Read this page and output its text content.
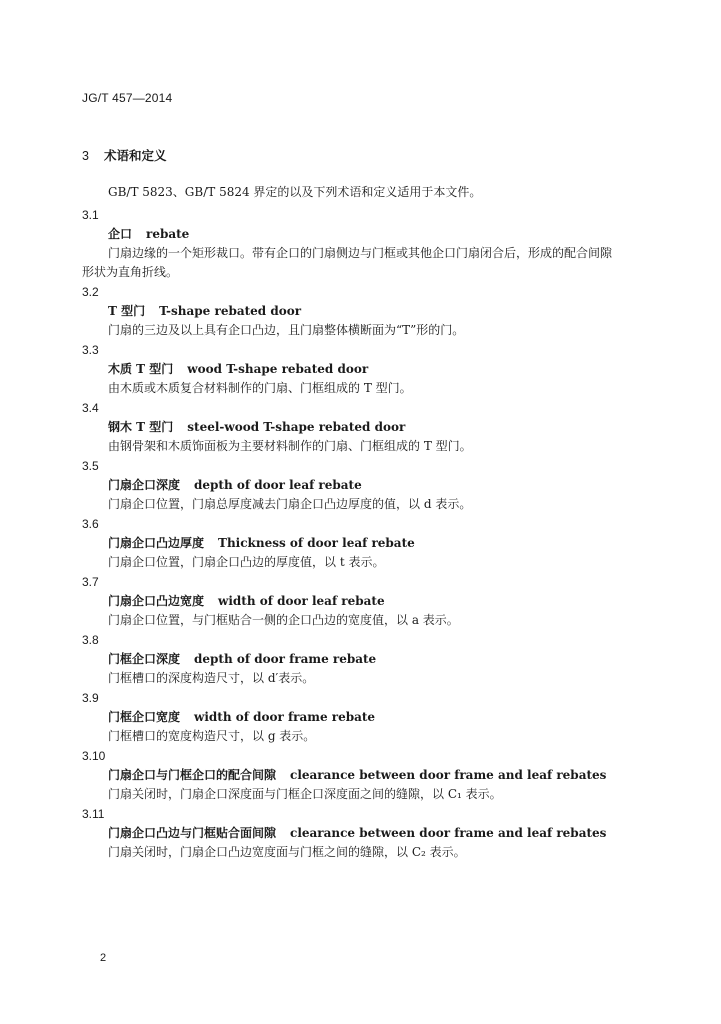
JG/T 457—2014
3 术语和定义
GB/T 5823、GB/T 5824 界定的以及下列术语和定义适用于本文件。
3.1
企口 rebate
门扇边缘的一个矩形裁口。带有企口的门扇侧边与门框或其他企口门扇闭合后，形成的配合间隙
形状为直角折线。
3.2
T 型门 T-shape rebated door
门扇的三边及以上具有企口凸边，且门扇整体横断面为“T”形的门。
3.3
木质 T 型门 wood T-shape rebated door
由木质或木质复合材料制作的门扇、门框组成的 T 型门。
3.4
钢木 T 型门 steel-wood T-shape rebated door
由钢骨架和木质饰面板为主要材料制作的门扇、门框组成的 T 型门。
3.5
门扇企口深度 depth of door leaf rebate
门扇企口位置，门扇总厚度减去门扇企口凸边厚度的值，以 d 表示。
3.6
门扇企口凸边厚度 Thickness of door leaf rebate
门扇企口位置，门扇企口凸边的厚度值，以 t 表示。
3.7
门扇企口凸边宽度 width of door leaf rebate
门扇企口位置，与门框贴合一侧的企口凸边的宽度值，以 a 表示。
3.8
门框企口深度 depth of door frame rebate
门框槽口的深度构造尺寸，以 d′表示。
3.9
门框企口宽度 width of door frame rebate
门框槽口的宽度构造尺寸，以 g 表示。
3.10
门扇企口与门框企口的配合间隙 clearance between door frame and leaf rebates
门扇关闭时，门扇企口深度面与门框企口深度面之间的缝隙，以 C₁ 表示。
3.11
门扇企口凸边与门框贴合面间隙 clearance between door frame and leaf rebates
门扇关闭时，门扇企口凸边宽度面与门框之间的缝隙，以 C₂ 表示。
2
